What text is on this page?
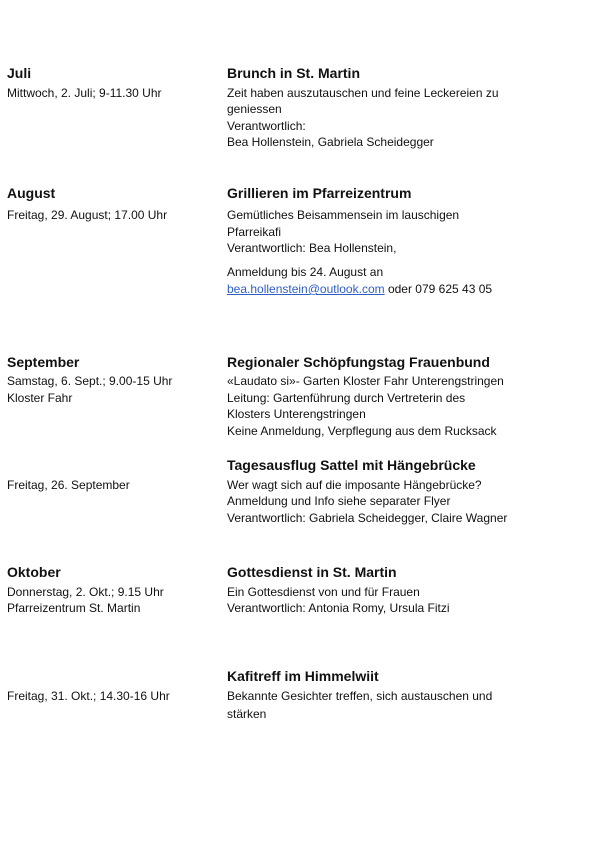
Juli
Mittwoch, 2. Juli; 9-11.30 Uhr
Brunch in St. Martin
Zeit haben auszutauschen und feine Leckereien zu
geniessen
Verantwortlich:
Bea Hollenstein, Gabriela Scheidegger
August
Freitag, 29. August; 17.00 Uhr
Grillieren im Pfarreizentrum
Gemütliches Beisammensein im lauschigen
Pfarreikafi
Verantwortlich: Bea Hollenstein,
Anmeldung bis 24. August an
bea.hollenstein@outlook.com oder 079 625 43 05
September
Samstag, 6. Sept.; 9.00-15 Uhr
Kloster Fahr
Regionaler Schöpfungstag Frauenbund
«Laudato si»- Garten Kloster Fahr Unterengstringen
Leitung: Gartenführung durch Vertreterin des
Klosters Unterengstringen
Keine Anmeldung, Verpflegung aus dem Rucksack
Freitag, 26. September
Tagesausflug Sattel mit Hängebrücke
Wer wagt sich auf die imposante Hängebrücke?
Anmeldung und Info siehe separater Flyer
Verantwortlich: Gabriela Scheidegger, Claire Wagner
Oktober
Donnerstag, 2. Okt.; 9.15 Uhr
Pfarreizentrum St. Martin
Gottesdienst in St. Martin
Ein Gottesdienst von und für Frauen
Verantwortlich: Antonia Romy, Ursula Fitzi
Freitag, 31. Okt.; 14.30-16 Uhr
Kafitreff im Himmelwiit
Bekannte Gesichter treffen, sich austauschen und
stärken
